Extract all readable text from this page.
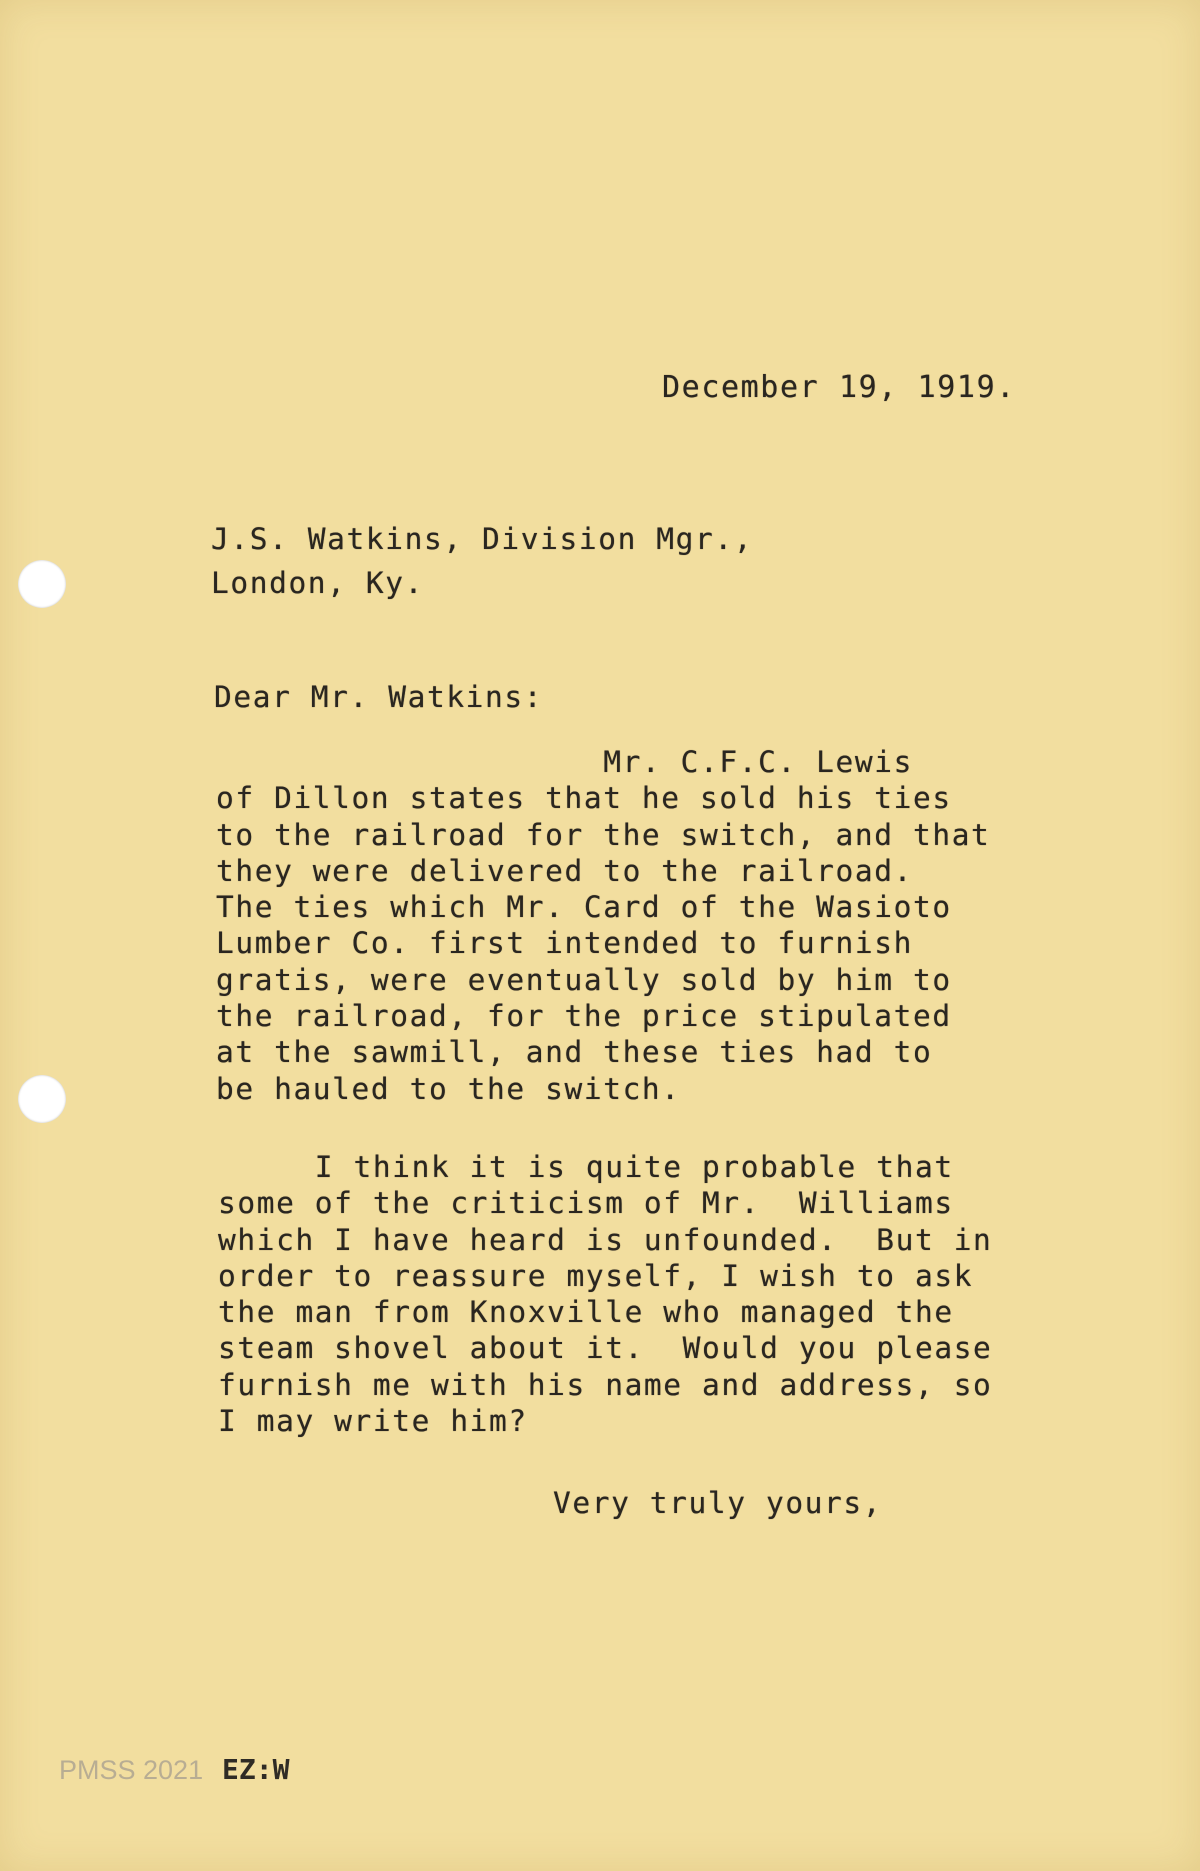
December 19, 1919.
J.S. Watkins, Division Mgr.,
London, Ky.
Dear Mr. Watkins:
Mr. C.F.C. Lewis
of Dillon states that he sold his ties
to the railroad for the switch, and that
they were delivered to the railroad.
The ties which Mr. Card of the Wasioto
Lumber Co. first intended to furnish
gratis, were eventually sold by him to
the railroad, for the price stipulated
at the sawmill, and these ties had to
be hauled to the switch.
I think it is quite probable that
some of the criticism of Mr.  Williams
which I have heard is unfounded.  But in
order to reassure myself, I wish to ask
the man from Knoxville who managed the
steam shovel about it.  Would you please
furnish me with his name and address, so
I may write him?
Very truly yours,
PMSS 2021 EZ:W
